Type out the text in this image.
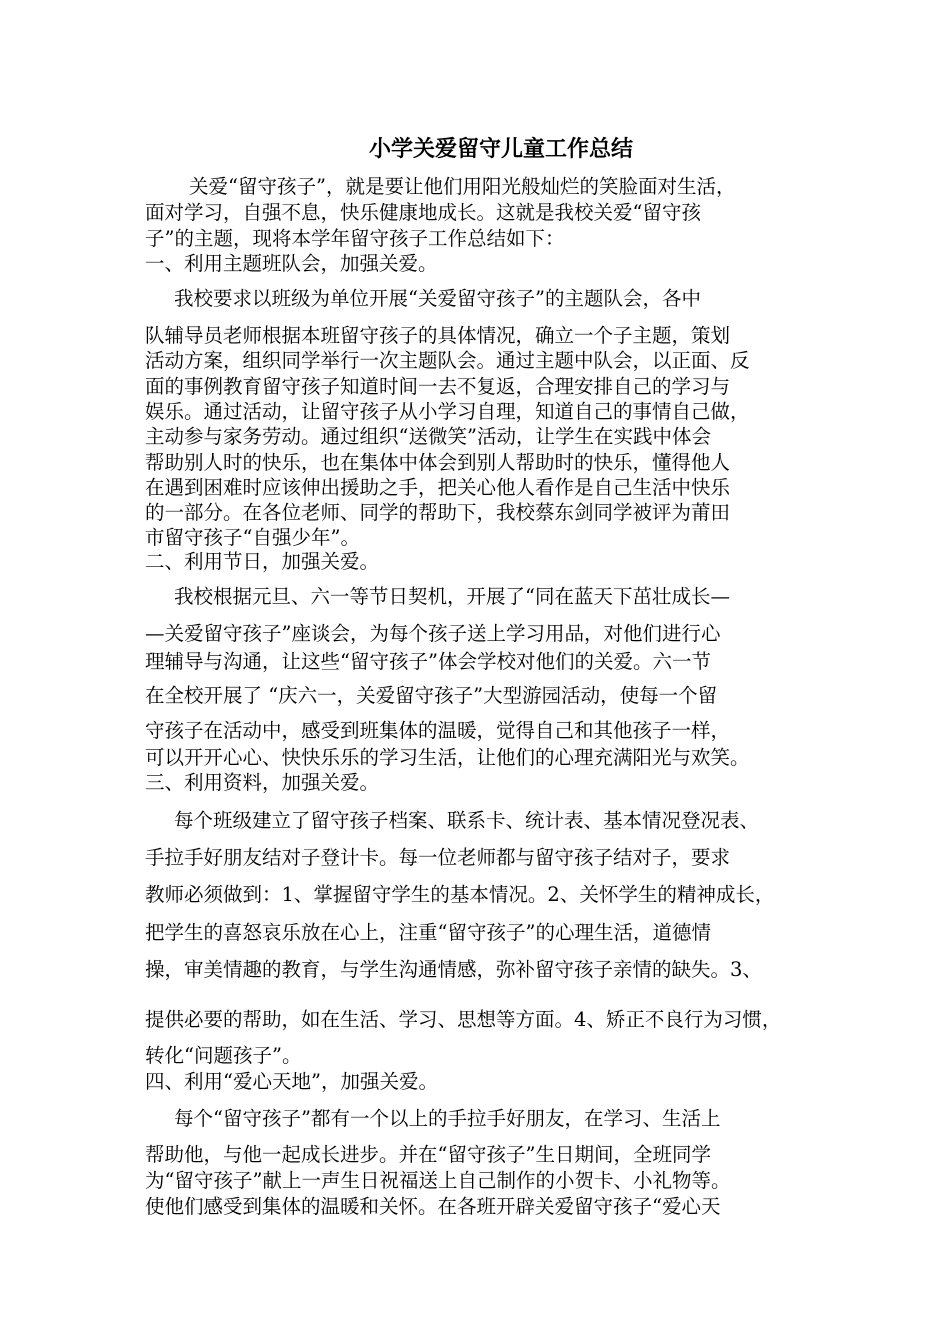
小学关爱留守儿童工作总结
关爱“留守孩子”，就是要让他们用阳光般灿烂的笑脸面对生活，
面对学习，自强不息，快乐健康地成长。这就是我校关爱“留守孩
子”的主题，现将本学年留守孩子工作总结如下：
一、利用主题班队会，加强关爱。
我校要求以班级为单位开展“关爱留守孩子”的主题队会，各中
队辅导员老师根据本班留守孩子的具体情况，确立一个子主题，策划
活动方案，组织同学举行一次主题队会。通过主题中队会，以正面、反
面的事例教育留守孩子知道时间一去不复返，合理安排自己的学习与
娱乐。通过活动，让留守孩子从小学习自理，知道自己的事情自己做，
主动参与家务劳动。通过组织“送微笑”活动，让学生在实践中体会
帮助别人时的快乐，也在集体中体会到别人帮助时的快乐，懂得他人
在遇到困难时应该伸出援助之手，把关心他人看作是自己生活中快乐
的一部分。在各位老师、同学的帮助下，我校蔡东剑同学被评为莆田
市留守孩子“自强少年”。
二、利用节日，加强关爱。
我校根据元旦、六一等节日契机，开展了“同在蓝天下茁壮成长—
—关爱留守孩子”座谈会，为每个孩子送上学习用品，对他们进行心
理辅导与沟通，让这些“留守孩子”体会学校对他们的关爱。六一节
在全校开展了 “庆六一，关爱留守孩子”大型游园活动，使每一个留
守孩子在活动中，感受到班集体的温暖，觉得自己和其他孩子一样，
可以开开心心、快快乐乐的学习生活，让他们的心理充满阳光与欢笑。
三、利用资料，加强关爱。
每个班级建立了留守孩子档案、联系卡、统计表、基本情况登况表、
手拉手好朋友结对子登计卡。每一位老师都与留守孩子结对子，要求
教师必须做到：1、掌握留守学生的基本情况。2、关怀学生的精神成长，
把学生的喜怒哀乐放在心上，注重“留守孩子”的心理生活，道德情
操，审美情趣的教育，与学生沟通情感，弥补留守孩子亲情的缺失。3、
提供必要的帮助，如在生活、学习、思想等方面。4、矫正不良行为习惯，
转化“问题孩子”。
四、利用“爱心天地”，加强关爱。
每个“留守孩子”都有一个以上的手拉手好朋友，在学习、生活上
帮助他，与他一起成长进步。并在“留守孩子”生日期间，全班同学
为“留守孩子”献上一声生日祝福送上自己制作的小贺卡、小礼物等。
使他们感受到集体的温暖和关怀。在各班开辟关爱留守孩子“爱心天
